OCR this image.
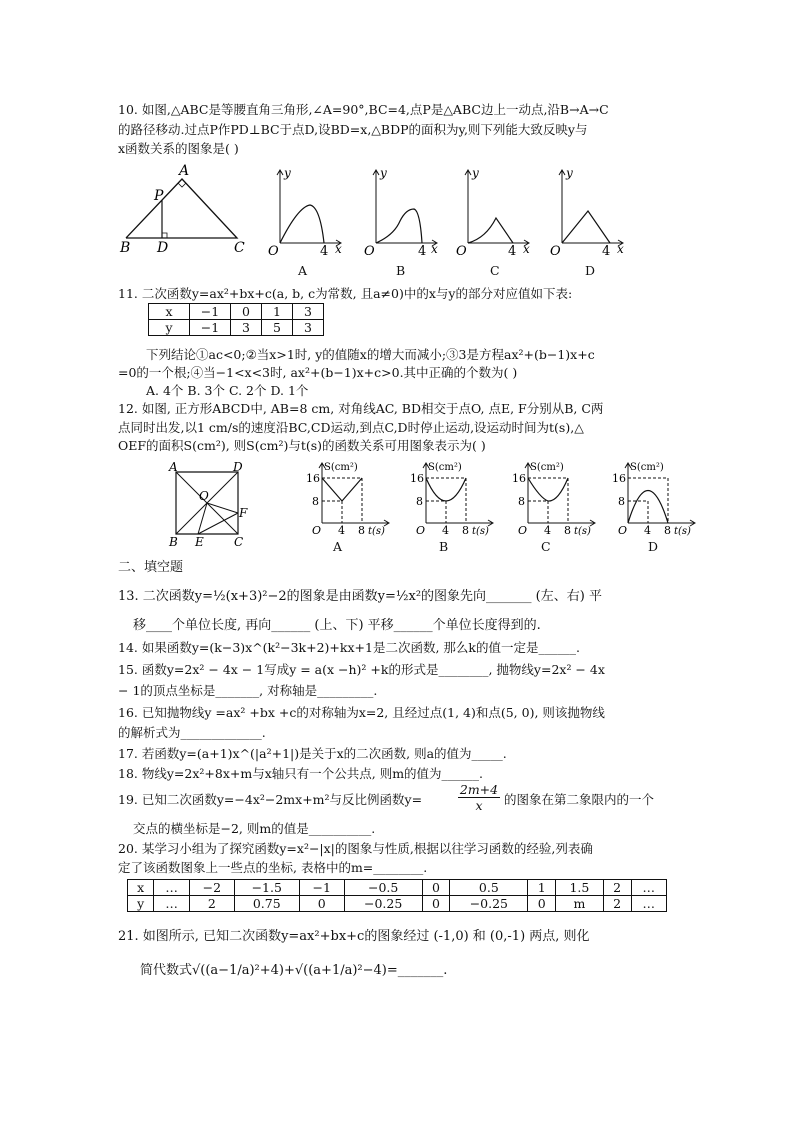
10. 如图,△ABC是等腰直角三角形,∠A=90°,BC=4,点P是△ABC边上一动点,沿B→A→C
的路径移动.过点P作PD⊥BC于点D,设BD=x,△BDP的面积为y,则下列能大致反映y与
x函数关系的图象是( )
B
A
C
P
D	O	4 x
y
O	4 x
y
O	4 x
y
O	4 x
y
A	B	C	D
11. 二次函数y=ax²+bx+c(a, b, c为常数, 且a≠0)中的x与y的部分对应值如下表:
x	−1	0	1	3
y	−1	3	5	3
下列结论①ac<0;②当x>1时, y的值随x的增大而减小;③3是方程ax²+(b−1)x+c
=0的一个根;④当−1<x<3时, ax²+(b−1)x+c>0.其中正确的个数为( )
A. 4个 B. 3个 C. 2个 D. 1个
12. 如图, 正方形ABCD中, AB=8 cm, 对角线AC, BD相交于点O, 点E, F分别从B, C两
点同时出发,以1 cm/s的速度沿BC,CD运动,到点C,D时停止运动,设运动时间为t(s),△
OEF的面积S(cm²), 则S(cm²)与t(s)的函数关系可用图象表示为( )
A	D
B	C
O
E
F
S(cm²)
16
8
O 4 8 t(s)
S(cm²)
16
8
O 4 8 t(s)
S(cm²)
16
8
O 4 8 t(s)
S(cm²)
16
8
O 4 8 t(s)
A	B	C	D
二、填空题
13. 二次函数y=½(x+3)²−2的图象是由函数y=½x²的图象先向_______ (左、右) 平
移____个单位长度, 再向______ (上、下) 平移______个单位长度得到的.
14. 如果函数y=(k−3)x^(k²−3k+2)+kx+1是二次函数, 那么k的值一定是______.
15. 函数y=2x² − 4x − 1写成y = a(x −h)² +k的形式是________, 抛物线y=2x² − 4x
− 1的顶点坐标是_______, 对称轴是_________.
16. 已知抛物线y =ax² +bx +c的对称轴为x=2, 且经过点(1, 4)和点(5, 0), 则该抛物线
的解析式为_____________.
17. 若函数y=(a+1)x^(|a²+1|)是关于x的二次函数, 则a的值为_____.
18. 物线y=2x²+8x+m与x轴只有一个公共点, 则m的值为______.
19. 已知二次函数y=−4x²−2mx+m²与反比例函数y=	$\frac{2m+4}{x}$ 的图象在第二象限内的一个
交点的横坐标是−2, 则m的值是__________.
20. 某学习小组为了探究函数y=x²−|x|的图象与性质,根据以往学习函数的经验,列表确
定了该函数图象上一些点的坐标, 表格中的m=________.
x	…	−2	−1.5	−1	−0.5	0	0.5	1	1.5	2	…
y	…	2	0.75	0	−0.25	0	−0.25	0	m	2	…
21. 如图所示, 已知二次函数y=ax²+bx+c的图象经过 (-1,0) 和 (0,-1) 两点, 则化
简代数式√((a−1/a)²+4)+√((a+1/a)²−4)=_______.
